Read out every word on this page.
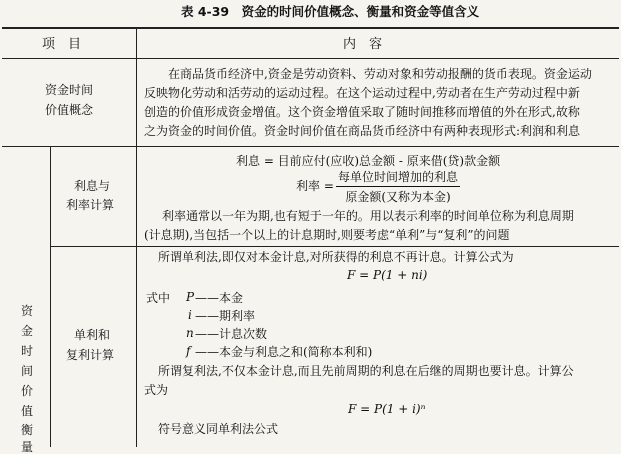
表 4-39　资金的时间价值概念、衡量和资金等值含义
项　目	内　容
资金时间
价值概念
在商品货币经济中,资金是劳动资料、劳动对象和劳动报酬的货币表现。资金运动
反映物化劳动和活劳动的运动过程。在这个运动过程中,劳动者在生产劳动过程中新
创造的价值形成资金增值。这个资金增值采取了随时间推移而增值的外在形式,故称
之为资金的时间价值。资金时间价值在商品货币经济中有两种表现形式:利润和利息
资
金
时
间
价
值
衡
量
利息与
利率计算
利息 = 目前应付(应收)总金额 - 原来借(贷)款金额
利率 =
每单位时间增加的利息
原金额(又称为本金)
利率通常以一年为期,也有短于一年的。用以表示利率的时间单位称为利息周期
(计息期),当包括一个以上的计息期时,则要考虑“单利”与“复利”的问题
单利和
复利计算
所谓单利法,即仅对本金计息,对所获得的利息不再计息。计算公式为
F = P(1 + ni)
式中 P ——本金
i ——期利率
n ——计息次数
f ——本金与利息之和(简称本利和)
所谓复利法,不仅本金计息,而且先前周期的利息在后继的周期也要计息。计算公
式为
F = P(1 + i)ⁿ
符号意义同单利法公式
